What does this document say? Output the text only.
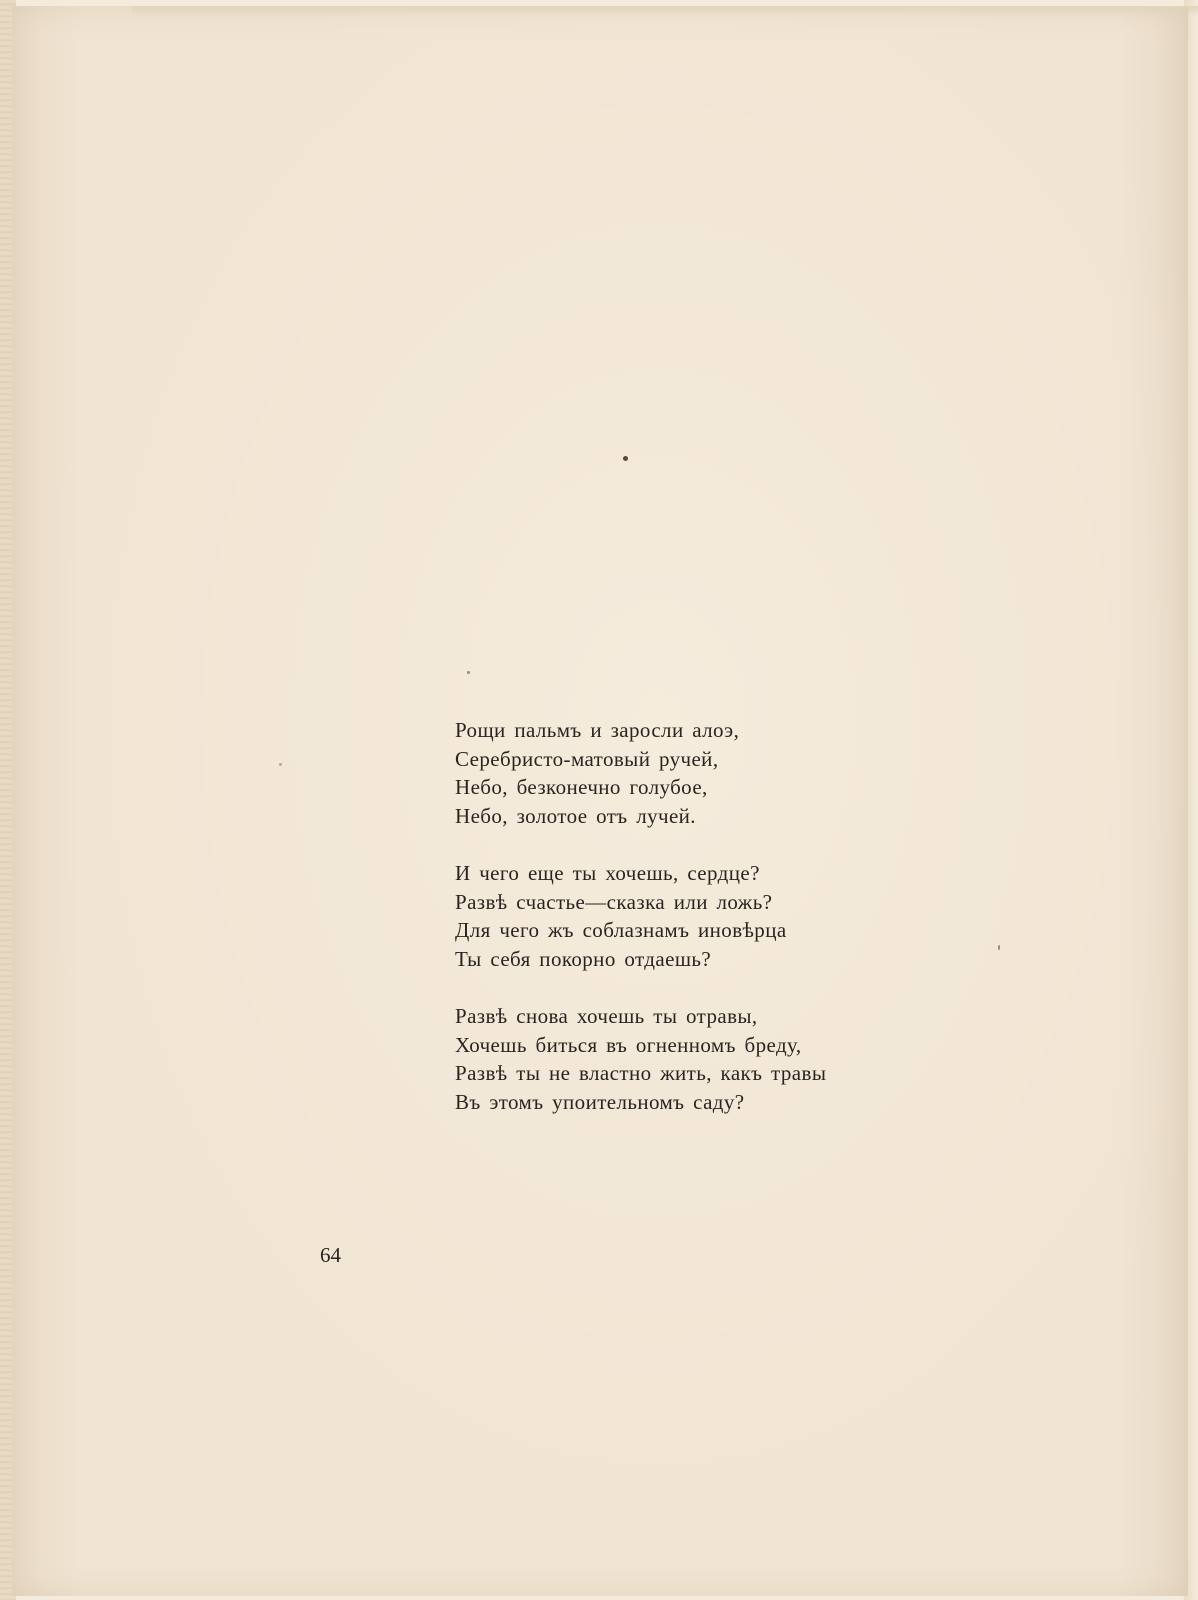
Рощи пальмъ и заросли алоэ,
Серебристо-матовый ручей,
Небо, безконечно голубое,
Небо, золотое отъ лучей.
И чего еще ты хочешь, сердце?
Развѣ счастье—сказка или ложь?
Для чего жъ соблазнамъ иновѣрца
Ты себя покорно отдаешь?
Развѣ снова хочешь ты отравы,
Хочешь биться въ огненномъ бреду,
Развѣ ты не властно жить, какъ травы
Въ этомъ упоительномъ саду?
64
